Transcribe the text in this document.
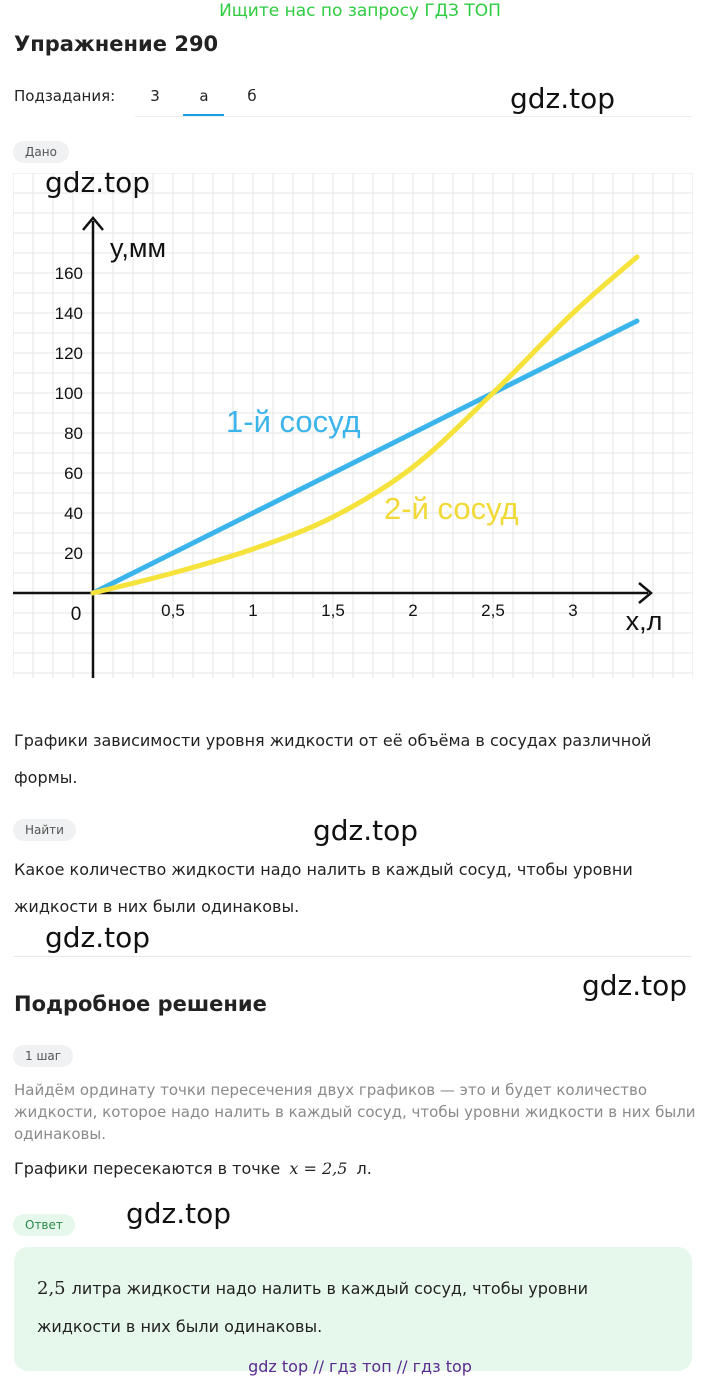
Ищите нас по запросу ГДЗ ТОП
Упражнение 290
Подзадания:	3	а	б	gdz.top
Дано
20
40
60
80
100
120
140
160
0,5	1	1,5	2	2,5	3
0
y,мм
x,л
1-й сосуд
2-й сосуд
gdz.top
Графики зависимости уровня жидкости от её объёма в сосудах различной
формы.
Найти	gdz.top
Какое количество жидкости надо налить в каждый сосуд, чтобы уровни
жидкости в них были одинаковы.
gdz.top
Подробное решение
gdz.top
1 шаг
Найдём ординату точки пересечения двух графиков — это и будет количество
жидкости, которое надо налить в каждый сосуд, чтобы уровни жидкости в них были
одинаковы.
Графики пересекаются в точке x = 2,5 л.
Ответ	gdz.top
2,5 литра жидкости надо налить в каждый сосуд, чтобы уровни
жидкости в них были одинаковы.
gdz top // гдз топ // гдз top
